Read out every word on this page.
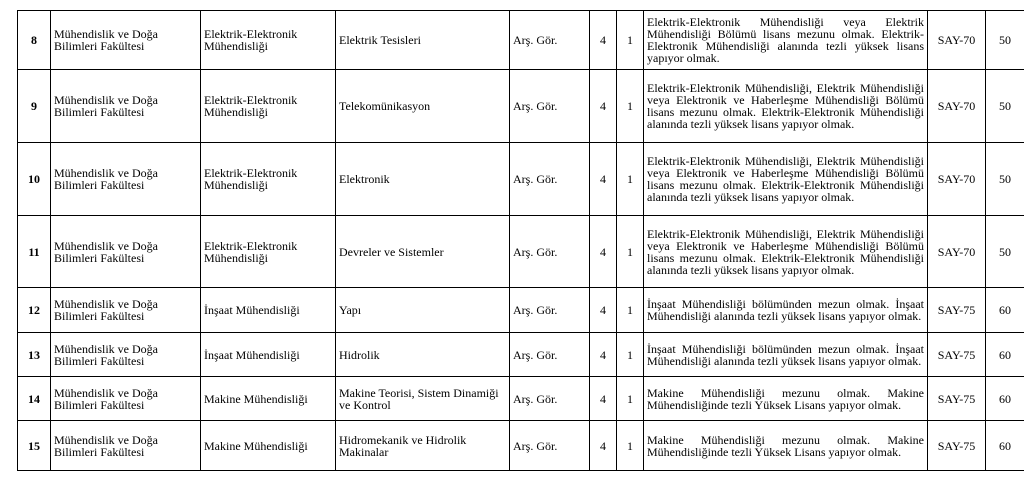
8	Mühendislik ve Doğa Bilimleri Fakültesi	Elektrik-Elektronik Mühendisliği	Elektrik Tesisleri	Arş. Gör.	4	1	Elektrik-Elektronik Mühendisliği veya Elektrik Mühendisliği Bölümü lisans mezunu olmak. Elektrik-Elektronik Mühendisliği alanında tezli yüksek lisans yapıyor olmak.	SAY-70	50
9	Mühendislik ve Doğa Bilimleri Fakültesi	Elektrik-Elektronik Mühendisliği	Telekomünikasyon	Arş. Gör.	4	1	Elektrik-Elektronik Mühendisliği, Elektrik Mühendisliği veya Elektronik ve Haberleşme Mühendisliği Bölümü lisans mezunu olmak. Elektrik-Elektronik Mühendisliği alanında tezli yüksek lisans yapıyor olmak.	SAY-70	50
10	Mühendislik ve Doğa Bilimleri Fakültesi	Elektrik-Elektronik Mühendisliği	Elektronik	Arş. Gör.	4	1	Elektrik-Elektronik Mühendisliği, Elektrik Mühendisliği veya Elektronik ve Haberleşme Mühendisliği Bölümü lisans mezunu olmak. Elektrik-Elektronik Mühendisliği alanında tezli yüksek lisans yapıyor olmak.	SAY-70	50
11	Mühendislik ve Doğa Bilimleri Fakültesi	Elektrik-Elektronik Mühendisliği	Devreler ve Sistemler	Arş. Gör.	4	1	Elektrik-Elektronik Mühendisliği, Elektrik Mühendisliği veya Elektronik ve Haberleşme Mühendisliği Bölümü lisans mezunu olmak. Elektrik-Elektronik Mühendisliği alanında tezli yüksek lisans yapıyor olmak.	SAY-70	50
12	Mühendislik ve Doğa Bilimleri Fakültesi	İnşaat Mühendisliği	Yapı	Arş. Gör.	4	1	İnşaat Mühendisliği bölümünden mezun olmak. İnşaat Mühendisliği alanında tezli yüksek lisans yapıyor olmak.	SAY-75	60
13	Mühendislik ve Doğa Bilimleri Fakültesi	İnşaat Mühendisliği	Hidrolik	Arş. Gör.	4	1	İnşaat Mühendisliği bölümünden mezun olmak. İnşaat Mühendisliği alanında tezli yüksek lisans yapıyor olmak.	SAY-75	60
14	Mühendislik ve Doğa Bilimleri Fakültesi	Makine Mühendisliği	Makine Teorisi, Sistem Dinamiği ve Kontrol	Arş. Gör.	4	1	Makine Mühendisliği mezunu olmak. Makine Mühendisliğinde tezli Yüksek Lisans yapıyor olmak.	SAY-75	60
15	Mühendislik ve Doğa Bilimleri Fakültesi	Makine Mühendisliği	Hidromekanik ve Hidrolik Makinalar	Arş. Gör.	4	1	Makine Mühendisliği mezunu olmak. Makine Mühendisliğinde tezli Yüksek Lisans yapıyor olmak.	SAY-75	60
